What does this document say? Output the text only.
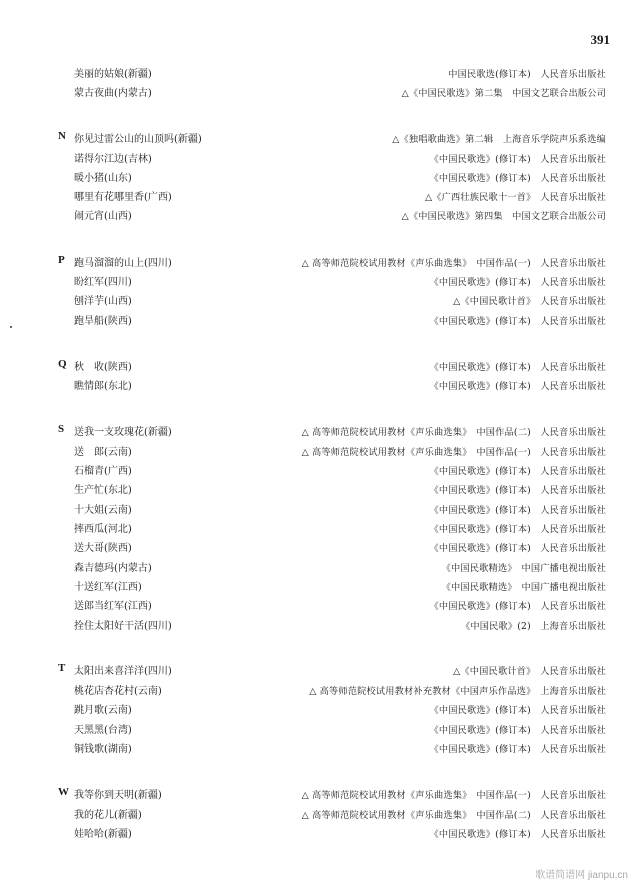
391
美丽的姑娘(新疆)	中国民歌选(修订本)　人民音乐出版社
蒙古夜曲(内蒙古)	△《中国民歌选》第二集　中国文艺联合出版公司
N 你见过雷公山的山顶吗(新疆)	△《独唱歌曲选》第二辑　上海音乐学院声乐系选编
诺得尔江边(吉林)	《中国民歌选》(修订本)　人民音乐出版社
暖小猪(山东)	《中国民歌选》(修订本)　人民音乐出版社
哪里有花哪里香(广西)	△《广西壮族民歌十一首》　人民音乐出版社
闹元宵(山西)	△《中国民歌选》第四集　中国文艺联合出版公司
P 跑马溜溜的山上(四川)	△ 高等师范院校试用教材《声乐曲选集》　中国作品(一)　人民音乐出版社
盼红军(四川)	《中国民歌选》(修订本)　人民音乐出版社
刨洋芋(山西)	△《中国民歌计首》　人民音乐出版社
跑旱船(陕西)	《中国民歌选》(修订本)　人民音乐出版社
Q 秋　收(陕西)	《中国民歌选》(修订本)　人民音乐出版社
瞧情郎(东北)	《中国民歌选》(修订本)　人民音乐出版社
S 送我一支玫瑰花(新疆)	△ 高等师范院校试用教材《声乐曲选集》　中国作品(二)　人民音乐出版社
送　郎(云南)	△ 高等师范院校试用教材《声乐曲选集》　中国作品(一)　人民音乐出版社
石榴青(广西)	《中国民歌选》(修订本)　人民音乐出版社
生产忙(东北)	《中国民歌选》(修订本)　人民音乐出版社
十大姐(云南)	《中国民歌选》(修订本)　人民音乐出版社
摔西瓜(河北)	《中国民歌选》(修订本)　人民音乐出版社
送大哥(陕西)	《中国民歌选》(修订本)　人民音乐出版社
森吉德玛(内蒙古)	《中国民歌精选》　中国广播电视出版社
十送红军(江西)	《中国民歌精选》　中国广播电视出版社
送郎当红军(江西)	《中国民歌选》(修订本)　人民音乐出版社
拴住太阳好干活(四川)	《中国民歌》(2)　上海音乐出版社
T 太阳出来喜洋洋(四川)	△《中国民歌计首》　人民音乐出版社
桃花店杏花村(云南)	△ 高等师范院校试用教材补充教材《中国声乐作品选》　上海音乐出版社
跳月歌(云南)	《中国民歌选》(修订本)　人民音乐出版社
天黑黑(台湾)	《中国民歌选》(修订本)　人民音乐出版社
铜钱歌(湖南)	《中国民歌选》(修订本)　人民音乐出版社
W 我等你到天明(新疆)	△ 高等师范院校试用教材《声乐曲选集》　中国作品(一)　人民音乐出版社
我的花儿(新疆)	△ 高等师范院校试用教材《声乐曲选集》　中国作品(二)　人民音乐出版社
娃哈哈(新疆)	《中国民歌选》(修订本)　人民音乐出版社
歌谱简谱网 jianpu.cn
